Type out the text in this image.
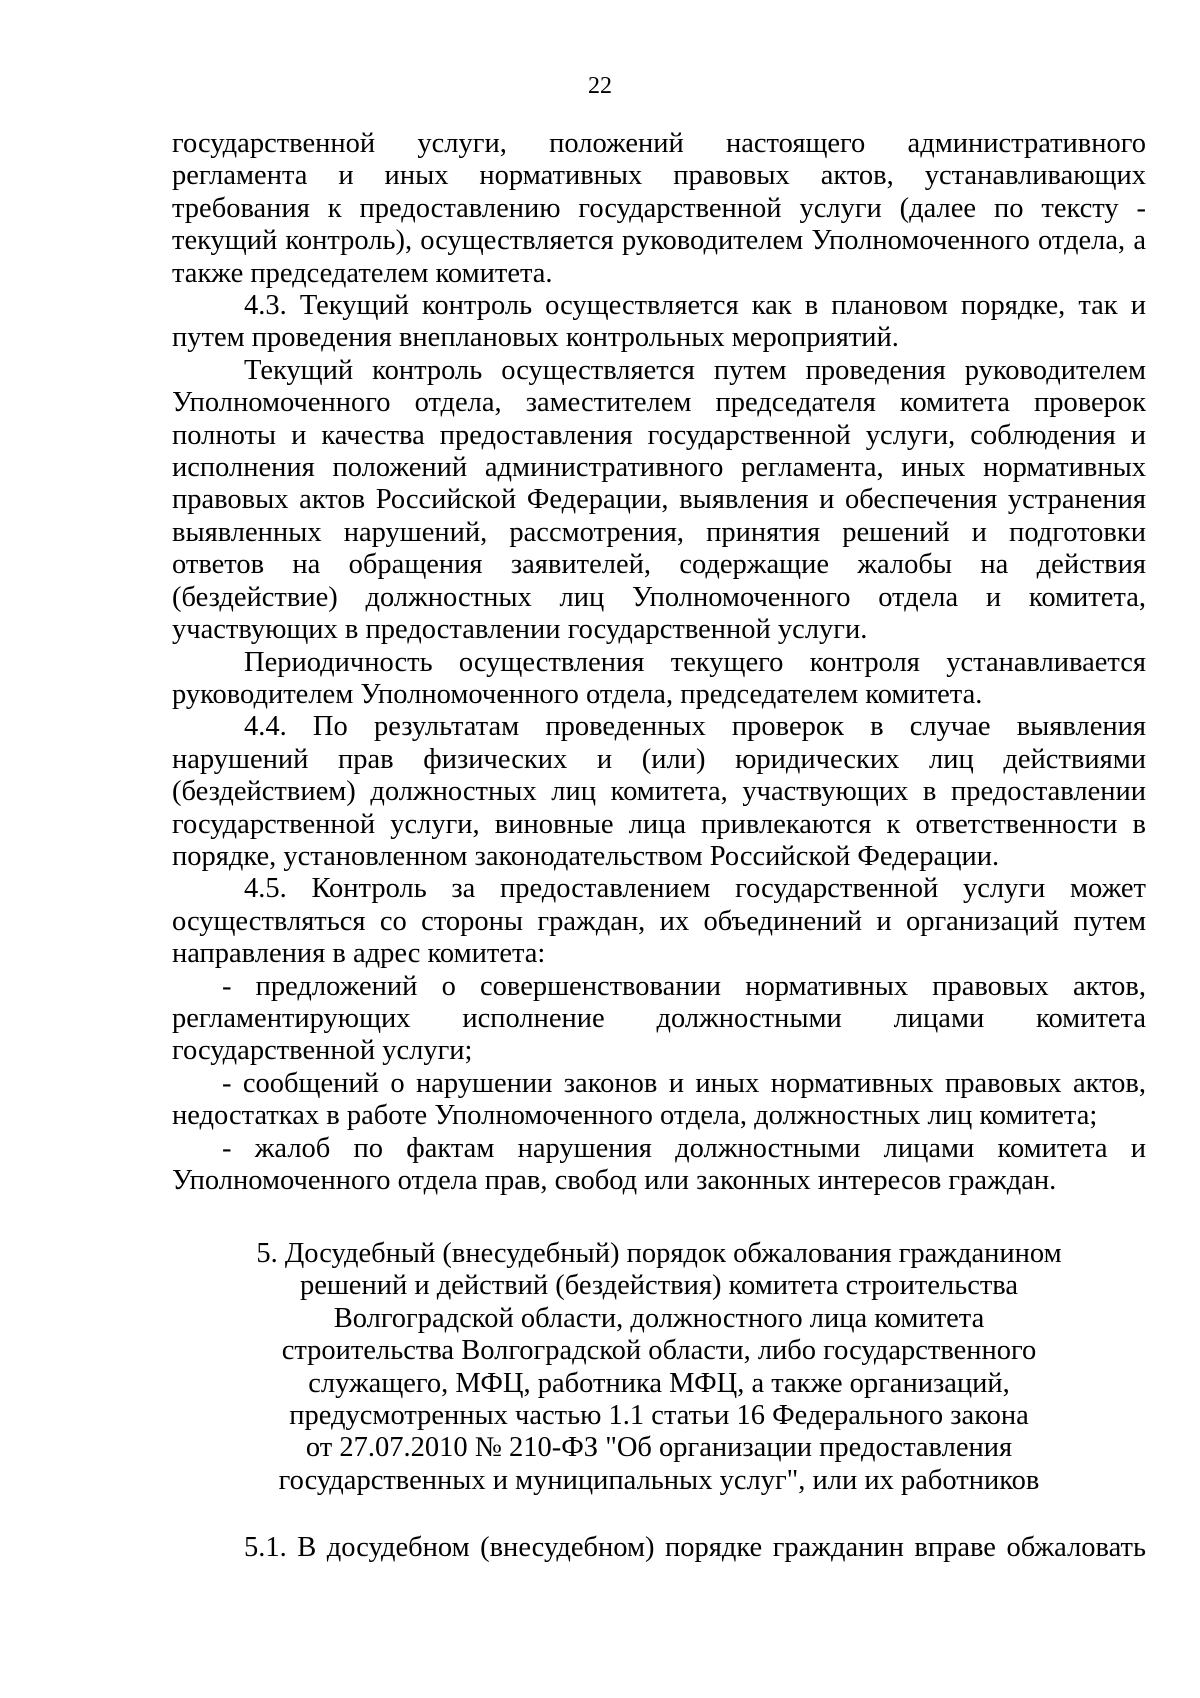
22

государственной услуги, положений настоящего административного регламента и иных нормативных правовых актов, устанавливающих требования к предоставлению государственной услуги (далее по тексту - текущий контроль), осуществляется руководителем Уполномоченного отдела, а также председателем комитета.

4.3. Текущий контроль осуществляется как в плановом порядке, так и путем проведения внеплановых контрольных мероприятий.

Текущий контроль осуществляется путем проведения руководителем Уполномоченного отдела, заместителем председателя комитета проверок полноты и качества предоставления государственной услуги, соблюдения и исполнения положений административного регламента, иных нормативных правовых актов Российской Федерации, выявления и обеспечения устранения выявленных нарушений, рассмотрения, принятия решений и подготовки ответов на обращения заявителей, содержащие жалобы на действия (бездействие) должностных лиц Уполномоченного отдела и комитета, участвующих в предоставлении государственной услуги.

Периодичность осуществления текущего контроля устанавливается руководителем Уполномоченного отдела, председателем комитета.

4.4. По результатам проведенных проверок в случае выявления нарушений прав физических и (или) юридических лиц действиями (бездействием) должностных лиц комитета, участвующих в предоставлении государственной услуги, виновные лица привлекаются к ответственности в порядке, установленном законодательством Российской Федерации.

4.5. Контроль за предоставлением государственной услуги может осуществляться со стороны граждан, их объединений и организаций путем направления в адрес комитета:

- предложений о совершенствовании нормативных правовых актов, регламентирующих исполнение должностными лицами комитета государственной услуги;

- сообщений о нарушении законов и иных нормативных правовых актов, недостатках в работе Уполномоченного отдела, должностных лиц комитета;

- жалоб по фактам нарушения должностными лицами комитета и Уполномоченного отдела прав, свобод или законных интересов граждан.

5. Досудебный (внесудебный) порядок обжалования гражданином
решений и действий (бездействия) комитета строительства
Волгоградской области, должностного лица комитета
строительства Волгоградской области, либо государственного
служащего, МФЦ, работника МФЦ, а также организаций,
предусмотренных частью 1.1 статьи 16 Федерального закона
от 27.07.2010 № 210-ФЗ "Об организации предоставления
государственных и муниципальных услуг", или их работников

5.1. В досудебном (внесудебном) порядке гражданин вправе обжаловать
